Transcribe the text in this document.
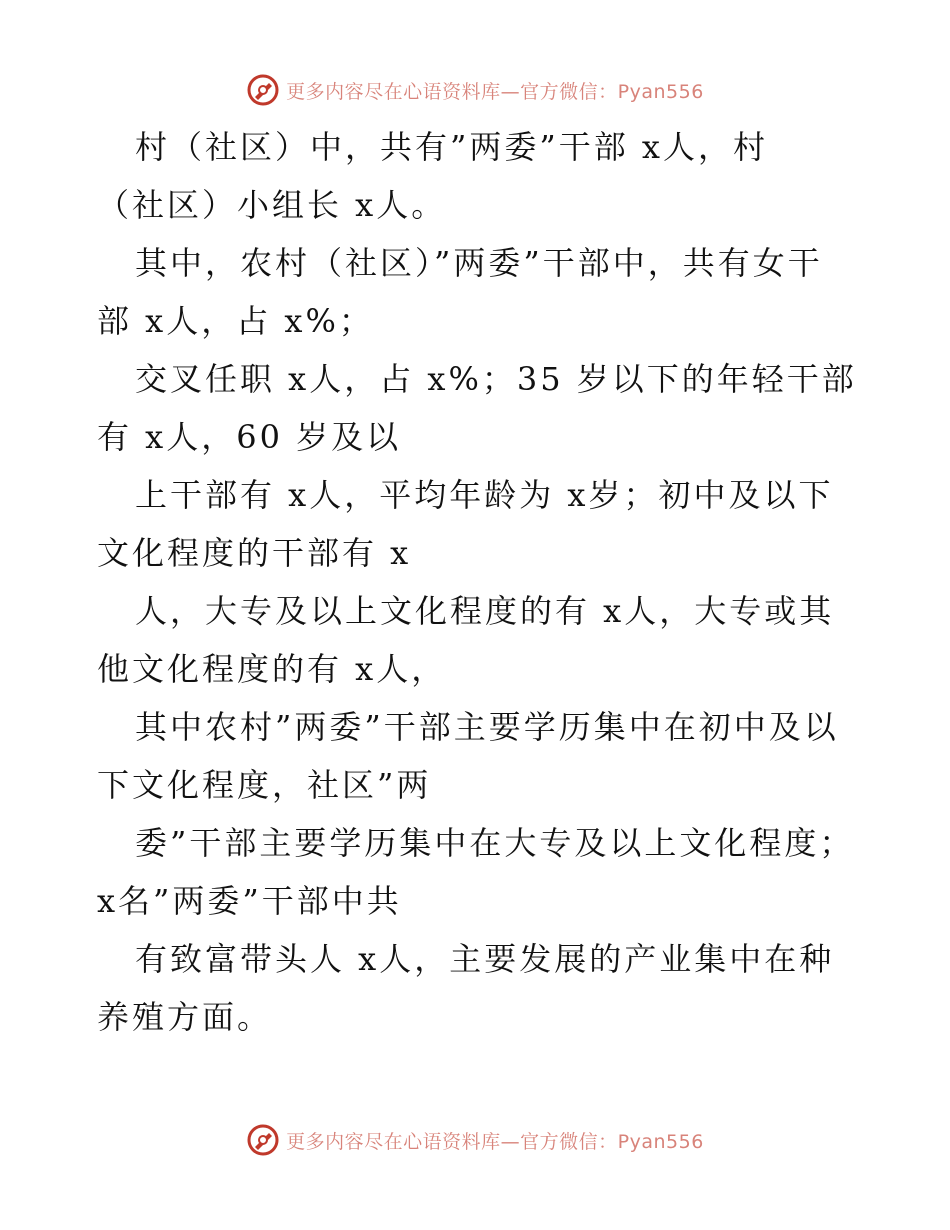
更多内容尽在心语资料库—官方微信：Pyan556

村（社区）中，共有”两委”干部 x人，村
（社区）小组长 x人。
其中，农村（社区）”两委”干部中，共有女干
部 x人，占 x%；
交叉任职 x人，占 x%；35 岁以下的年轻干部
有 x人，60 岁及以
上干部有 x人，平均年龄为 x岁；初中及以下
文化程度的干部有 x
人，大专及以上文化程度的有 x人，大专或其
他文化程度的有 x人，
其中农村”两委”干部主要学历集中在初中及以
下文化程度，社区”两
委”干部主要学历集中在大专及以上文化程度；
x名”两委”干部中共
有致富带头人 x人，主要发展的产业集中在种
养殖方面。

更多内容尽在心语资料库—官方微信：Pyan556
